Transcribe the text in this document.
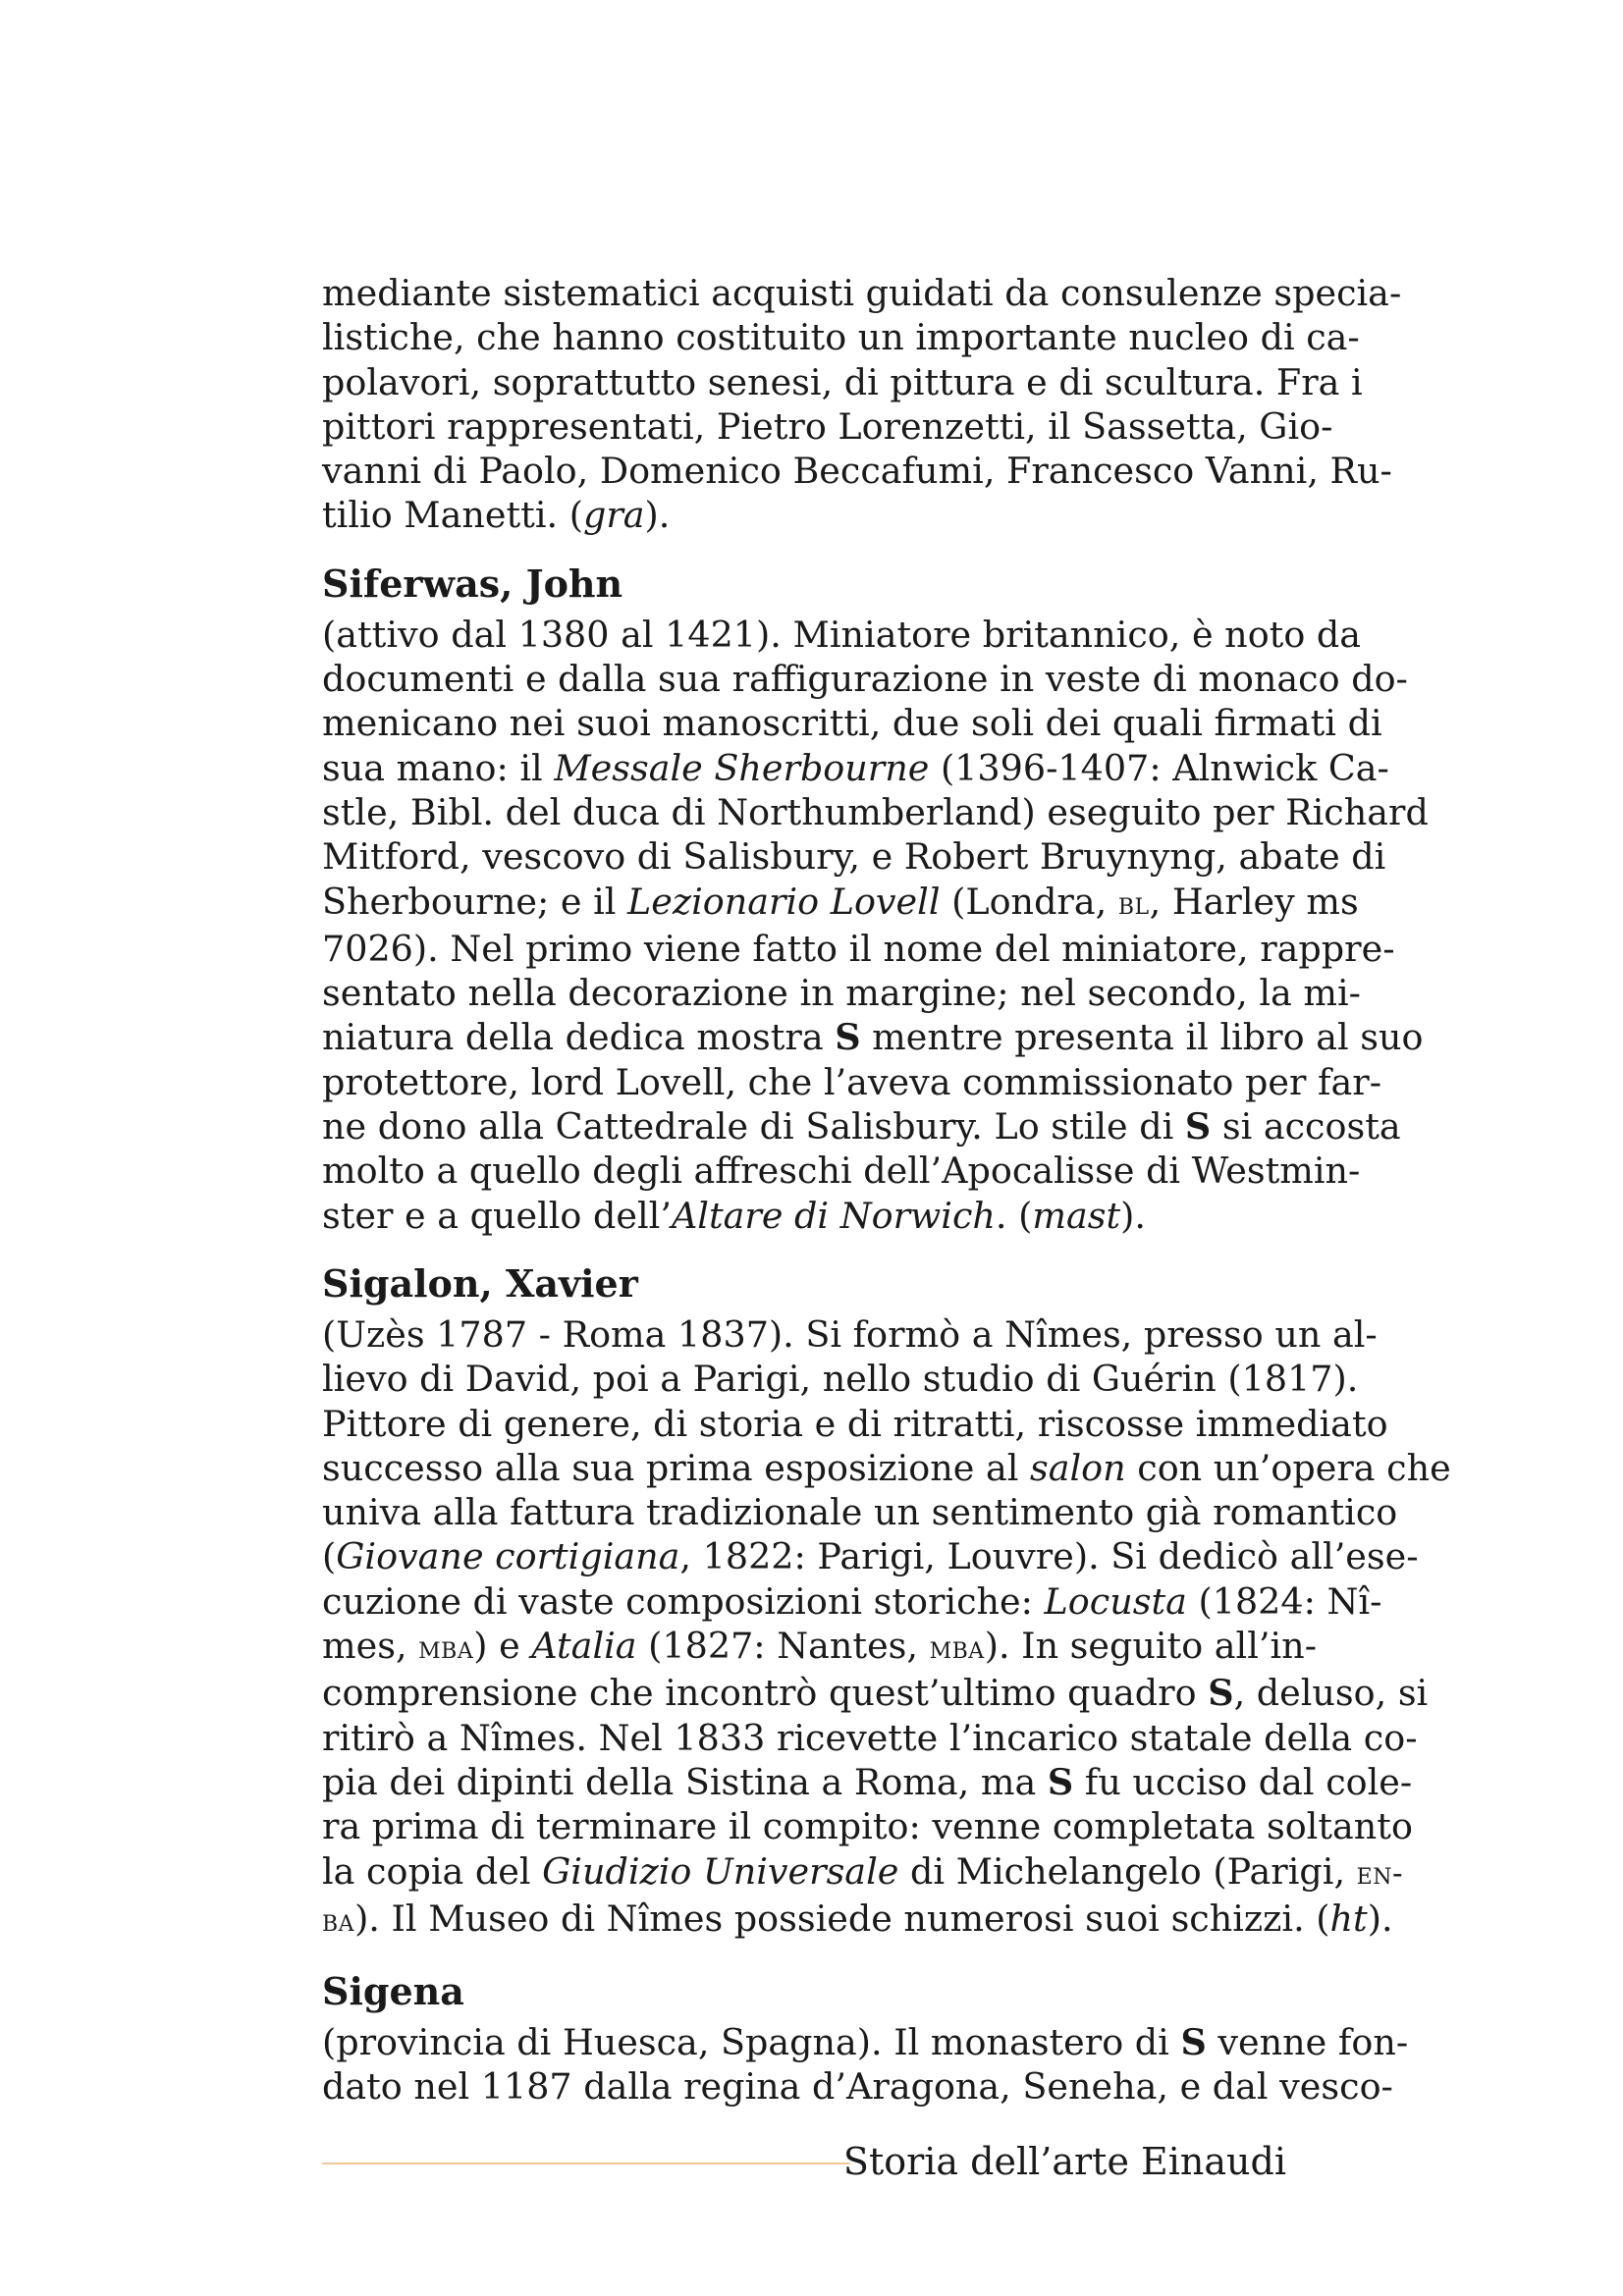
mediante sistematici acquisti guidati da consulenze specia-
listiche, che hanno costituito un importante nucleo di ca-
polavori, soprattutto senesi, di pittura e di scultura. Fra i
pittori rappresentati, Pietro Lorenzetti, il Sassetta, Gio-
vanni di Paolo, Domenico Beccafumi, Francesco Vanni, Ru-
tilio Manetti. (gra).

Siferwas, John

(attivo dal 1380 al 1421). Miniatore britannico, è noto da
documenti e dalla sua raffigurazione in veste di monaco do-
menicano nei suoi manoscritti, due soli dei quali firmati di
sua mano: il Messale Sherbourne (1396-1407: Alnwick Ca-
stle, Bibl. del duca di Northumberland) eseguito per Richard
Mitford, vescovo di Salisbury, e Robert Bruynyng, abate di
Sherbourne; e il Lezionario Lovell (Londra, bl, Harley ms
7026). Nel primo viene fatto il nome del miniatore, rappre-
sentato nella decorazione in margine; nel secondo, la mi-
niatura della dedica mostra S mentre presenta il libro al suo
protettore, lord Lovell, che l’aveva commissionato per far-
ne dono alla Cattedrale di Salisbury. Lo stile di S si accosta
molto a quello degli affreschi dell’Apocalisse di Westmin-
ster e a quello dell’Altare di Norwich. (mast).

Sigalon, Xavier

(Uzès 1787 - Roma 1837). Si formò a Nîmes, presso un al-
lievo di David, poi a Parigi, nello studio di Guérin (1817).
Pittore di genere, di storia e di ritratti, riscosse immediato
successo alla sua prima esposizione al salon con un’opera che
univa alla fattura tradizionale un sentimento già romantico
(Giovane cortigiana, 1822: Parigi, Louvre). Si dedicò all’ese-
cuzione di vaste composizioni storiche: Locusta (1824: Nî-
mes, mba) e Atalia (1827: Nantes, mba). In seguito all’in-
comprensione che incontrò quest’ultimo quadro S, deluso, si
ritirò a Nîmes. Nel 1833 ricevette l’incarico statale della co-
pia dei dipinti della Sistina a Roma, ma S fu ucciso dal cole-
ra prima di terminare il compito: venne completata soltanto
la copia del Giudizio Universale di Michelangelo (Parigi, en-
ba). Il Museo di Nîmes possiede numerosi suoi schizzi. (ht).

Sigena

(provincia di Huesca, Spagna). Il monastero di S venne fon-
dato nel 1187 dalla regina d’Aragona, Seneha, e dal vesco-

Storia dell’arte Einaudi
